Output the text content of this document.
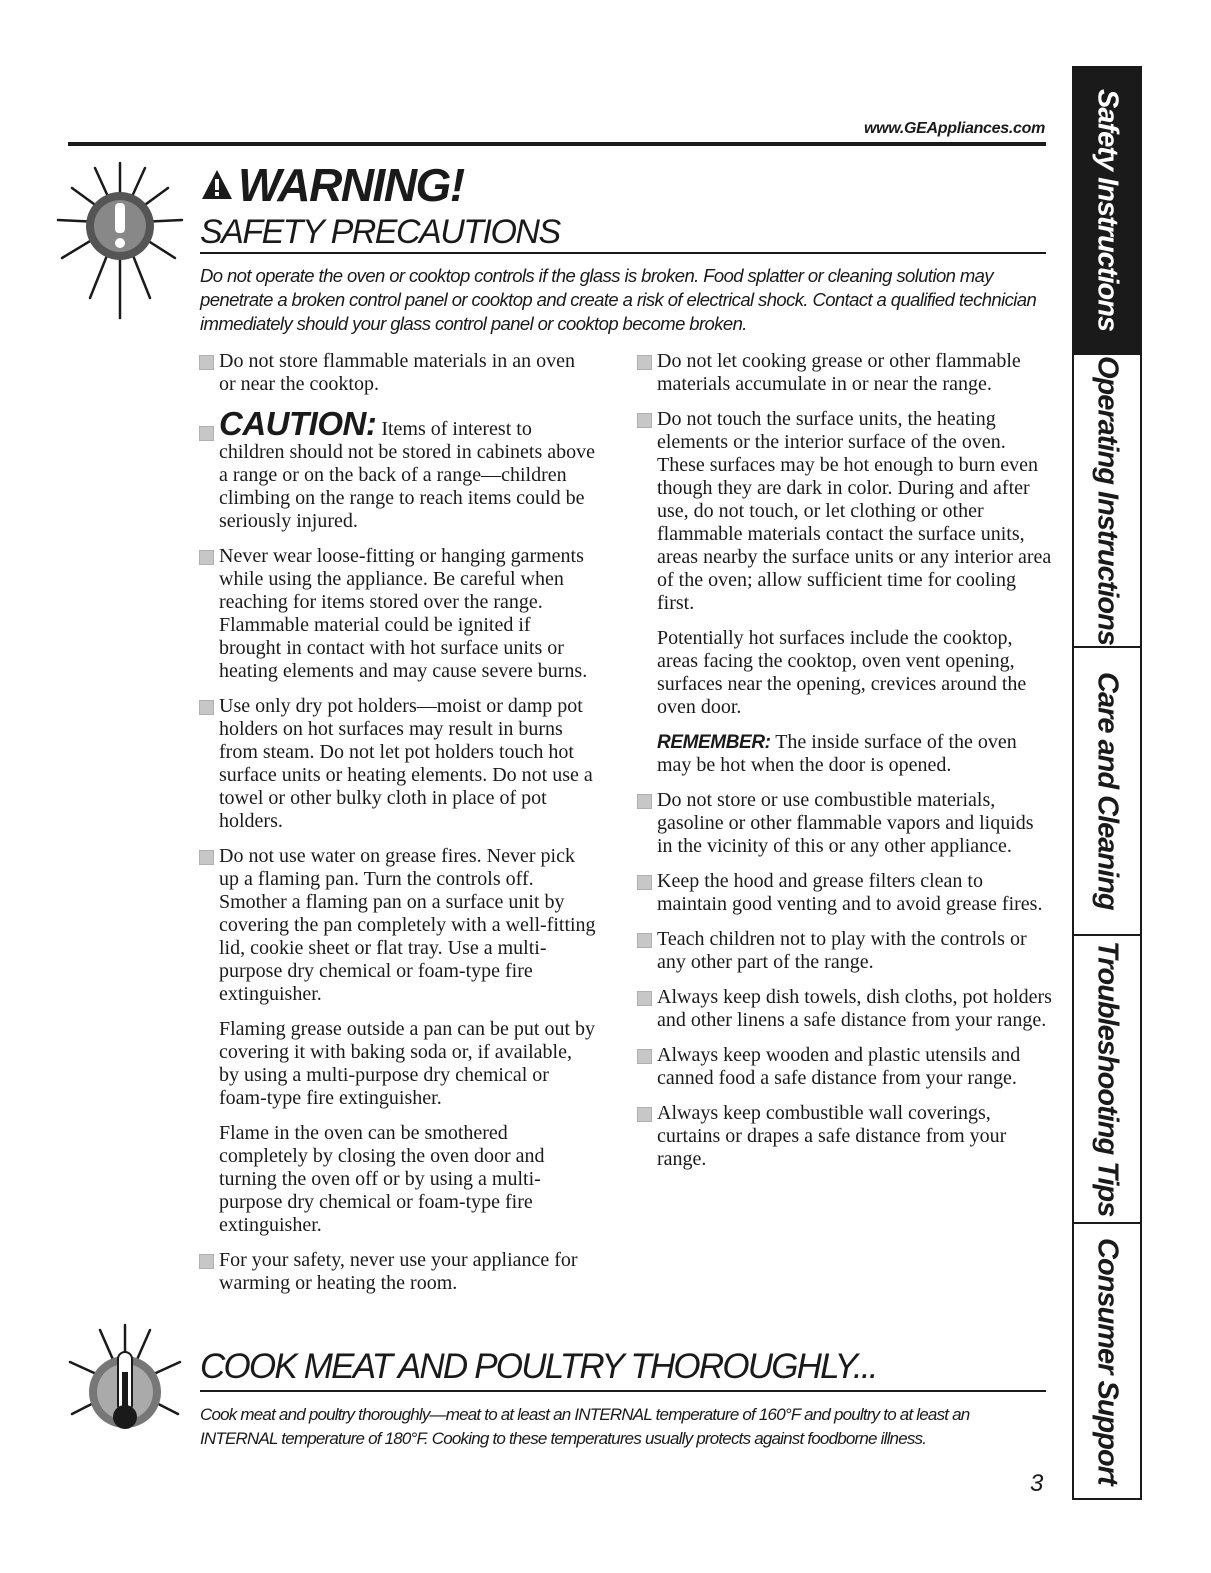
www.GEAppliances.com
WARNING!
SAFETY PRECAUTIONS
Do not operate the oven or cooktop controls if the glass is broken. Food splatter or cleaning solution may penetrate a broken control panel or cooktop and create a risk of electrical shock. Contact a qualified technician immediately should your glass control panel or cooktop become broken.
Do not store flammable materials in an oven or near the cooktop.
CAUTION: Items of interest to children should not be stored in cabinets above a range or on the back of a range—children climbing on the range to reach items could be seriously injured.
Never wear loose-fitting or hanging garments while using the appliance. Be careful when reaching for items stored over the range. Flammable material could be ignited if brought in contact with hot surface units or heating elements and may cause severe burns.
Use only dry pot holders—moist or damp pot holders on hot surfaces may result in burns from steam. Do not let pot holders touch hot surface units or heating elements. Do not use a towel or other bulky cloth in place of pot holders.
Do not use water on grease fires. Never pick up a flaming pan. Turn the controls off. Smother a flaming pan on a surface unit by covering the pan completely with a well-fitting lid, cookie sheet or flat tray. Use a multi-purpose dry chemical or foam-type fire extinguisher.
Flaming grease outside a pan can be put out by covering it with baking soda or, if available, by using a multi-purpose dry chemical or foam-type fire extinguisher.
Flame in the oven can be smothered completely by closing the oven door and turning the oven off or by using a multi-purpose dry chemical or foam-type fire extinguisher.
For your safety, never use your appliance for warming or heating the room.
Do not let cooking grease or other flammable materials accumulate in or near the range.
Do not touch the surface units, the heating elements or the interior surface of the oven. These surfaces may be hot enough to burn even though they are dark in color. During and after use, do not touch, or let clothing or other flammable materials contact the surface units, areas nearby the surface units or any interior area of the oven; allow sufficient time for cooling first.
Potentially hot surfaces include the cooktop, areas facing the cooktop, oven vent opening, surfaces near the opening, crevices around the oven door.
REMEMBER: The inside surface of the oven may be hot when the door is opened.
Do not store or use combustible materials, gasoline or other flammable vapors and liquids in the vicinity of this or any other appliance.
Keep the hood and grease filters clean to maintain good venting and to avoid grease fires.
Teach children not to play with the controls or any other part of the range.
Always keep dish towels, dish cloths, pot holders and other linens a safe distance from your range.
Always keep wooden and plastic utensils and canned food a safe distance from your range.
Always keep combustible wall coverings, curtains or drapes a safe distance from your range.
COOK MEAT AND POULTRY THOROUGHLY...
Cook meat and poultry thoroughly—meat to at least an INTERNAL temperature of 160°F and poultry to at least an INTERNAL temperature of 180°F. Cooking to these temperatures usually protects against foodborne illness.
3
Safety Instructions
Operating Instructions
Care and Cleaning
Troubleshooting Tips
Consumer Support
